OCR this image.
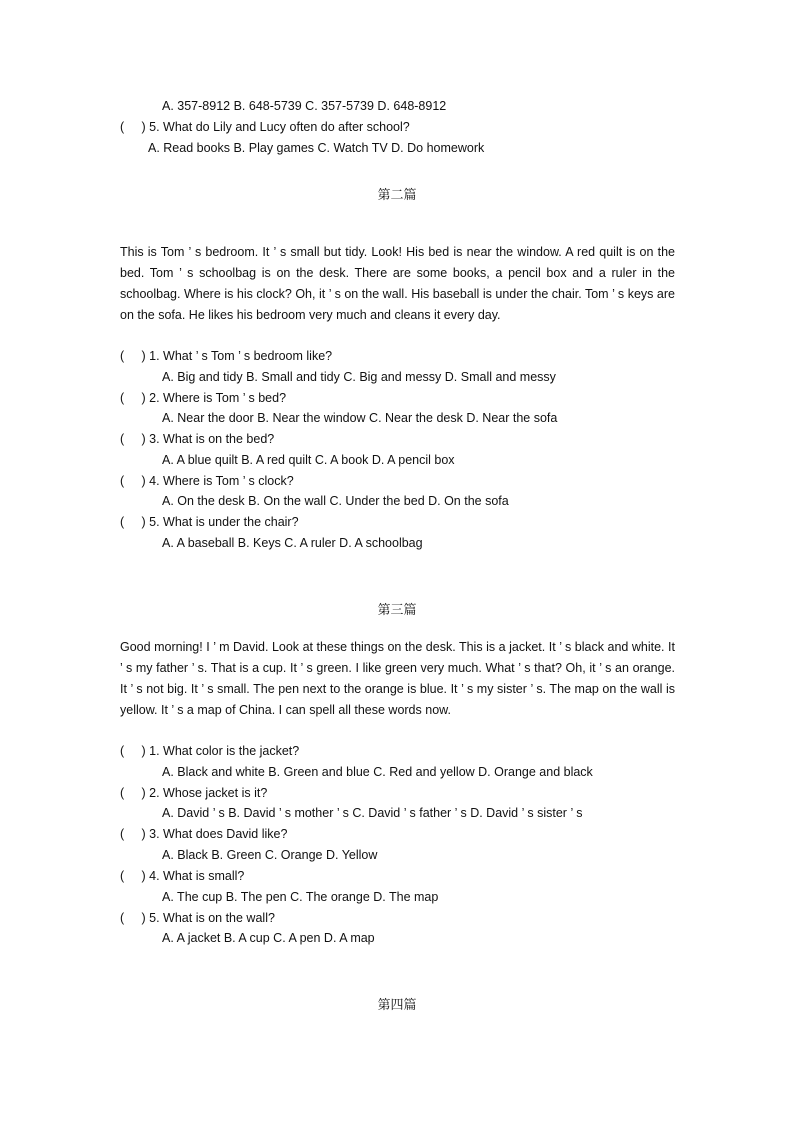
A. 357-8912 B. 648-5739 C. 357-5739 D. 648-8912
(     ) 5. What do Lily and Lucy often do after school?
A. Read books B. Play games C. Watch TV D. Do homework
第二篇
This is Tom ’ s bedroom. It ’ s small but tidy. Look! His bed is near the window. A red quilt is on the bed. Tom ’ s schoolbag is on the desk. There are some books, a pencil box and a ruler in the schoolbag. Where is his clock? Oh, it ’ s on the wall. His baseball is under the chair. Tom ’ s keys are on the sofa. He likes his bedroom very much and cleans it every day.
(     ) 1. What ’ s Tom ’ s bedroom like?
A. Big and tidy B. Small and tidy C. Big and messy D. Small and messy
(     ) 2. Where is Tom ’ s bed?
A. Near the door B. Near the window C. Near the desk D. Near the sofa
(     ) 3. What is on the bed?
A. A blue quilt B. A red quilt C. A book D. A pencil box
(     ) 4. Where is Tom ’ s clock?
A. On the desk B. On the wall C. Under the bed D. On the sofa
(     ) 5. What is under the chair?
A. A baseball B. Keys C. A ruler D. A schoolbag
第三篇
Good morning! I ’ m David. Look at these things on the desk. This is a jacket. It ’ s black and white. It ’ s my father ’ s. That is a cup. It ’ s green. I like green very much. What ’ s that? Oh, it ’ s an orange. It ’ s not big. It ’ s small. The pen next to the orange is blue. It ’ s my sister ’ s. The map on the wall is yellow. It ’ s a map of China. I can spell all these words now.
(     ) 1. What color is the jacket?
A. Black and white B. Green and blue C. Red and yellow D. Orange and black
(     ) 2. Whose jacket is it?
A. David ’ s B. David ’ s mother ’ s C. David ’ s father ’ s D. David ’ s sister ’ s
(     ) 3. What does David like?
A. Black B. Green C. Orange D. Yellow
(     ) 4. What is small?
A. The cup B. The pen C. The orange D. The map
(     ) 5. What is on the wall?
A. A jacket B. A cup C. A pen D. A map
第四篇
